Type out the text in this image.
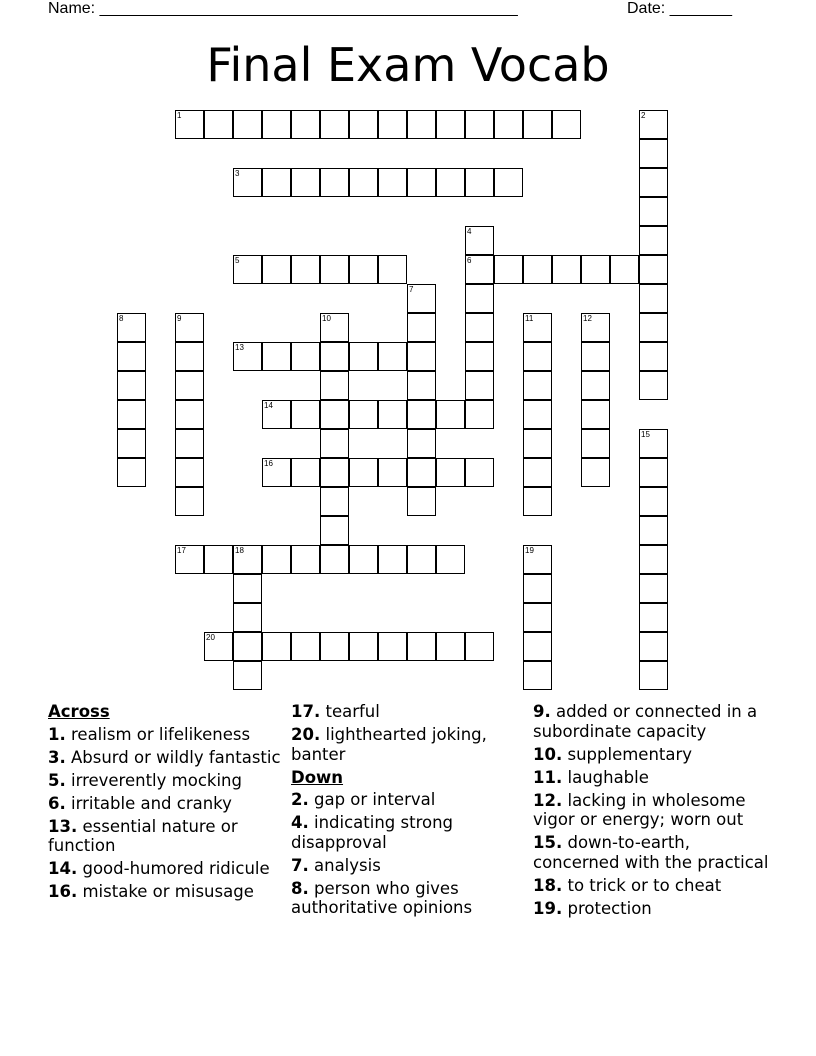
Name: _______________________________________________	Date: _______
Final Exam Vocab
1	2
3
4
6
5
7
8	9	10	11	12
13
14
15
16
17	18	19
20
Across
1. realism or lifelikeness
3. Absurd or wildly fantastic
5. irreverently mocking
6. irritable and cranky
13. essential nature or function
14. good-humored ridicule
16. mistake or misusage
17. tearful
20. lighthearted joking, banter
Down
2. gap or interval
4. indicating strong disapproval
7. analysis
8. person who gives authoritative opinions
9. added or connected in a subordinate capacity
10. supplementary
11. laughable
12. lacking in wholesome vigor or energy; worn out
15. down-to-earth, concerned with the practical
18. to trick or to cheat
19. protection
